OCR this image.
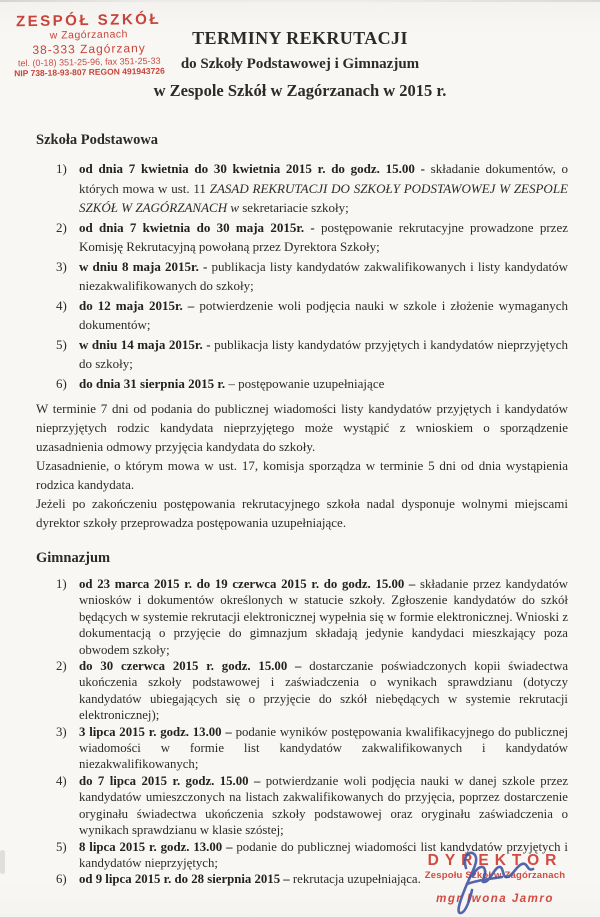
ZESPÓŁ SZKÓŁ
w Zagórzanach
38-333 Zagórzany
tel. (0-18) 351-25-96, fax 351-25-33
NIP 738-18-93-807 REGON 491943726
TERMINY REKRUTACJI
do Szkoły Podstawowej i Gimnazjum
w Zespole Szkół w Zagórzanach w 2015 r.
Szkoła Podstawowa
1) od dnia 7 kwietnia do 30 kwietnia 2015 r. do godz. 15.00 - składanie dokumentów, o których mowa w ust. 11 ZASAD REKRUTACJI DO SZKOŁY PODSTAWOWEJ W ZESPOLE SZKÓŁ W ZAGÓRZANACH w sekretariacie szkoły;
2) od dnia 7 kwietnia do 30 maja 2015r. - postępowanie rekrutacyjne prowadzone przez Komisję Rekrutacyjną powołaną przez Dyrektora Szkoły;
3) w dniu 8 maja 2015r. - publikacja listy kandydatów zakwalifikowanych i listy kandydatów niezakwalifikowanych do szkoły;
4) do 12 maja 2015r. – potwierdzenie woli podjęcia nauki w szkole i złożenie wymaganych dokumentów;
5) w dniu 14 maja 2015r. - publikacja listy kandydatów przyjętych i kandydatów nieprzyjętych do szkoły;
6) do dnia 31 sierpnia 2015 r. – postępowanie uzupełniające
W terminie 7 dni od podania do publicznej wiadomości listy kandydatów przyjętych i kandydatów nieprzyjętych rodzic kandydata nieprzyjętego może wystąpić z wnioskiem o sporządzenie uzasadnienia odmowy przyjęcia kandydata do szkoły.
Uzasadnienie, o którym mowa w ust. 17, komisja sporządza w terminie 5 dni od dnia wystąpienia rodzica kandydata.
Jeżeli po zakończeniu postępowania rekrutacyjnego szkoła nadal dysponuje wolnymi miejscami dyrektor szkoły przeprowadza postępowania uzupełniające.
Gimnazjum
1) od 23 marca 2015 r. do 19 czerwca 2015 r. do godz. 15.00 – składanie przez kandydatów wniosków i dokumentów określonych w statucie szkoły. Zgłoszenie kandydatów do szkół będących w systemie rekrutacji elektronicznej wypełnia się w formie elektronicznej. Wnioski z dokumentacją o przyjęcie do gimnazjum składają jedynie kandydaci mieszkający poza obwodem szkoły;
2) do 30 czerwca 2015 r. godz. 15.00 – dostarczanie poświadczonych kopii świadectwa ukończenia szkoły podstawowej i zaświadczenia o wynikach sprawdzianu (dotyczy kandydatów ubiegających się o przyjęcie do szkół niebędących w systemie rekrutacji elektronicznej);
3) 3 lipca 2015 r. godz. 13.00 – podanie wyników postępowania kwalifikacyjnego do publicznej wiadomości w formie list kandydatów zakwalifikowanych i kandydatów niezakwalifikowanych;
4) do 7 lipca 2015 r. godz. 15.00 – potwierdzanie woli podjęcia nauki w danej szkole przez kandydatów umieszczonych na listach zakwalifikowanych do przyjęcia, poprzez dostarczenie oryginału świadectwa ukończenia szkoły podstawowej oraz oryginału zaświadczenia o wynikach sprawdzianu w klasie szóstej;
5) 8 lipca 2015 r. godz. 13.00 – podanie do publicznej wiadomości list kandydatów przyjętych i kandydatów nieprzyjętych;
6) od 9 lipca 2015 r. do 28 sierpnia 2015 – rekrutacja uzupełniająca.
DYREKTOR
Zespołu Szkół w Zagórzanach
mgr Iwona Jamro
